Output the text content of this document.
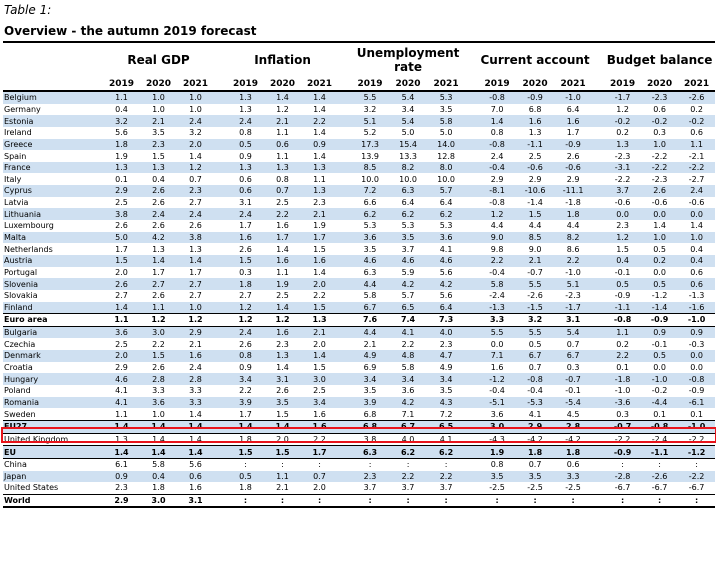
Table 1:
Overview - the autumn 2019 forecast
	Real GDP				Inflation				Unemployment rate				Current account				Budget balance		
	2019	2020	2021		2019	2020	2021		2019	2020	2021		2019	2020	2021		2019	2020	2021
Belgium	1.1	1.0	1.0		1.3	1.4	1.4		5.5	5.4	5.3		-0.8	-0.9	-1.0		-1.7	-2.3	-2.6
Germany	0.4	1.0	1.0		1.3	1.2	1.4		3.2	3.4	3.5		7.0	6.8	6.4		1.2	0.6	0.2
Estonia	3.2	2.1	2.4		2.4	2.1	2.2		5.1	5.4	5.8		1.4	1.6	1.6		-0.2	-0.2	-0.2
Ireland	5.6	3.5	3.2		0.8	1.1	1.4		5.2	5.0	5.0		0.8	1.3	1.7		0.2	0.3	0.6
Greece	1.8	2.3	2.0		0.5	0.6	0.9		17.3	15.4	14.0		-0.8	-1.1	-0.9		1.3	1.0	1.1
Spain	1.9	1.5	1.4		0.9	1.1	1.4		13.9	13.3	12.8		2.4	2.5	2.6		-2.3	-2.2	-2.1
France	1.3	1.3	1.2		1.3	1.3	1.3		8.5	8.2	8.0		-0.4	-0.6	-0.6		-3.1	-2.2	-2.2
Italy	0.1	0.4	0.7		0.6	0.8	1.1		10.0	10.0	10.0		2.9	2.9	2.9		-2.2	-2.3	-2.7
Cyprus	2.9	2.6	2.3		0.6	0.7	1.3		7.2	6.3	5.7		-8.1	-10.6	-11.1		3.7	2.6	2.4
Latvia	2.5	2.6	2.7		3.1	2.5	2.3		6.6	6.4	6.4		-0.8	-1.4	-1.8		-0.6	-0.6	-0.6
Lithuania	3.8	2.4	2.4		2.4	2.2	2.1		6.2	6.2	6.2		1.2	1.5	1.8		0.0	0.0	0.0
Luxembourg	2.6	2.6	2.6		1.7	1.6	1.9		5.3	5.3	5.3		4.4	4.4	4.4		2.3	1.4	1.4
Malta	5.0	4.2	3.8		1.6	1.7	1.7		3.6	3.5	3.6		9.0	8.5	8.2		1.2	1.0	1.0
Netherlands	1.7	1.3	1.3		2.6	1.4	1.5		3.5	3.7	4.1		9.8	9.0	8.6		1.5	0.5	0.4
Austria	1.5	1.4	1.4		1.5	1.6	1.6		4.6	4.6	4.6		2.2	2.1	2.2		0.4	0.2	0.4
Portugal	2.0	1.7	1.7		0.3	1.1	1.4		6.3	5.9	5.6		-0.4	-0.7	-1.0		-0.1	0.0	0.6
Slovenia	2.6	2.7	2.7		1.8	1.9	2.0		4.4	4.2	4.2		5.8	5.5	5.1		0.5	0.5	0.6
Slovakia	2.7	2.6	2.7		2.7	2.5	2.2		5.8	5.7	5.6		-2.4	-2.6	-2.3		-0.9	-1.2	-1.3
Finland	1.4	1.1	1.0		1.2	1.4	1.5		6.7	6.5	6.4		-1.3	-1.5	-1.7		-1.1	-1.4	-1.6
Euro area	1.1	1.2	1.2		1.2	1.2	1.3		7.6	7.4	7.3		3.3	3.2	3.1		-0.8	-0.9	-1.0
Bulgaria	3.6	3.0	2.9		2.4	1.6	2.1		4.4	4.1	4.0		5.5	5.5	5.4		1.1	0.9	0.9
Czechia	2.5	2.2	2.1		2.6	2.3	2.0		2.1	2.2	2.3		0.0	0.5	0.7		0.2	-0.1	-0.3
Denmark	2.0	1.5	1.6		0.8	1.3	1.4		4.9	4.8	4.7		7.1	6.7	6.7		2.2	0.5	0.0
Croatia	2.9	2.6	2.4		0.9	1.4	1.5		6.9	5.8	4.9		1.6	0.7	0.3		0.1	0.0	0.0
Hungary	4.6	2.8	2.8		3.4	3.1	3.0		3.4	3.4	3.4		-1.2	-0.8	-0.7		-1.8	-1.0	-0.8
Poland	4.1	3.3	3.3		2.2	2.6	2.5		3.5	3.6	3.5		-0.4	-0.4	-0.1		-1.0	-0.2	-0.9
Romania	4.1	3.6	3.3		3.9	3.5	3.4		3.9	4.2	4.3		-5.1	-5.3	-5.4		-3.6	-4.4	-6.1
Sweden	1.1	1.0	1.4		1.7	1.5	1.6		6.8	7.1	7.2		3.6	4.1	4.5		0.3	0.1	0.1
EU27	1.4	1.4	1.4		1.4	1.4	1.6		6.8	6.7	6.5		3.0	2.9	2.8		-0.7	-0.8	-1.0
United Kingdom	1.3	1.4	1.4		1.8	2.0	2.2		3.8	4.0	4.1		-4.3	-4.2	-4.2		-2.2	-2.4	-2.2
EU	1.4	1.4	1.4		1.5	1.5	1.7		6.3	6.2	6.2		1.9	1.8	1.8		-0.9	-1.1	-1.2
China	6.1	5.8	5.6		:	:	:		:	:	:		0.8	0.7	0.6		:	:	:
Japan	0.9	0.4	0.6		0.5	1.1	0.7		2.3	2.2	2.2		3.5	3.5	3.3		-2.8	-2.6	-2.2
United States	2.3	1.8	1.6		1.8	2.1	2.0		3.7	3.7	3.7		-2.5	-2.5	-2.5		-6.7	-6.7	-6.7
World	2.9	3.0	3.1		:	:	:		:	:	:		:	:	:		:	:	:
